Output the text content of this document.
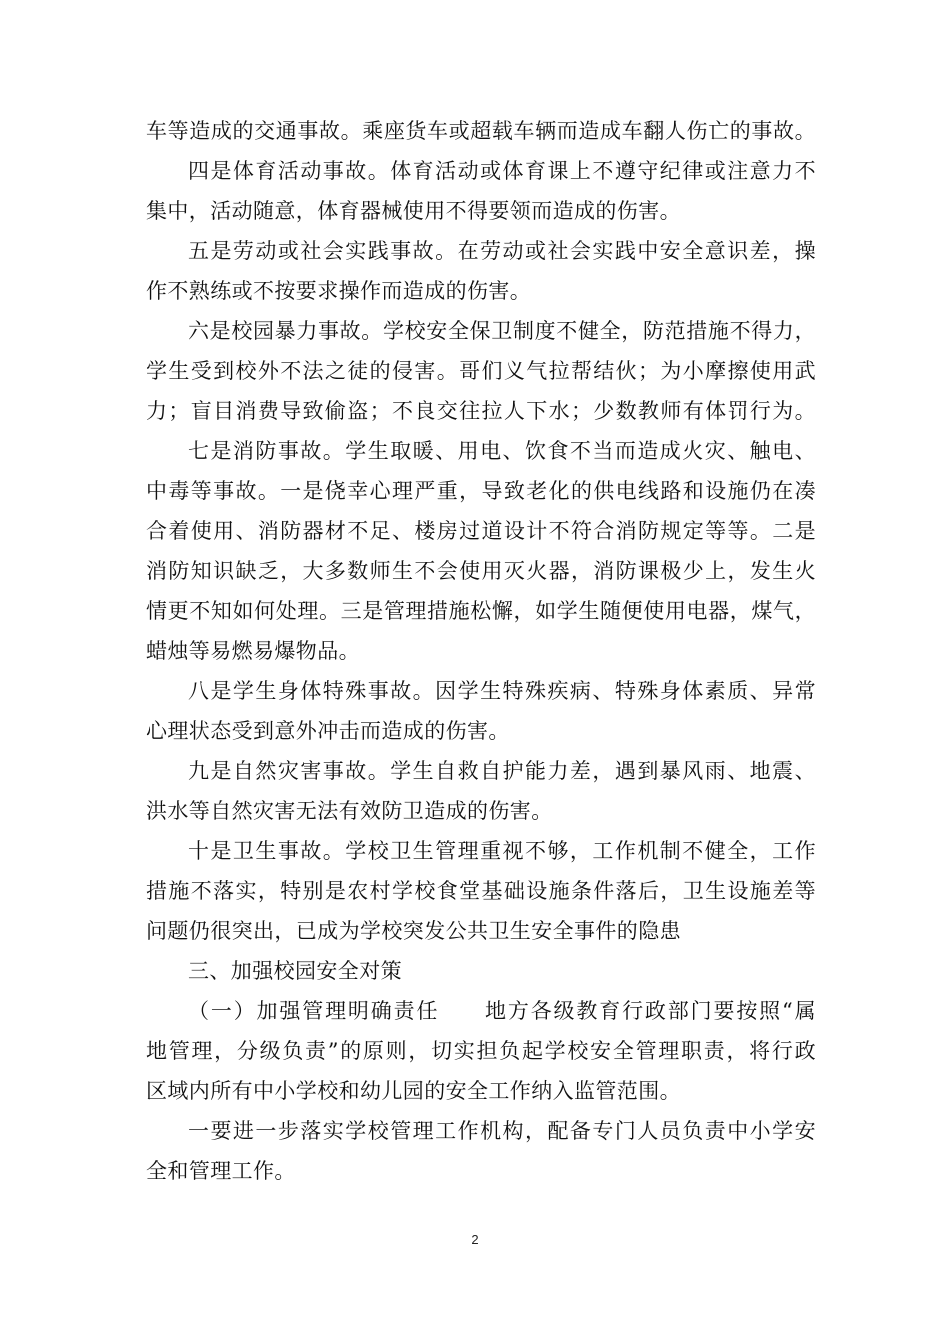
车等造成的交通事故。乘座货车或超载车辆而造成车翻人伤亡的事故。
四是体育活动事故。体育活动或体育课上不遵守纪律或注意力不
集中，活动随意，体育器械使用不得要领而造成的伤害。
五是劳动或社会实践事故。在劳动或社会实践中安全意识差，操
作不熟练或不按要求操作而造成的伤害。
六是校园暴力事故。学校安全保卫制度不健全，防范措施不得力，
学生受到校外不法之徒的侵害。哥们义气拉帮结伙；为小摩擦使用武
力；盲目消费导致偷盗；不良交往拉人下水；少数教师有体罚行为。
七是消防事故。学生取暖、用电、饮食不当而造成火灾、触电、
中毒等事故。一是侥幸心理严重，导致老化的供电线路和设施仍在凑
合着使用、消防器材不足、楼房过道设计不符合消防规定等等。二是
消防知识缺乏，大多数师生不会使用灭火器，消防课极少上，发生火
情更不知如何处理。三是管理措施松懈，如学生随便使用电器，煤气，
蜡烛等易燃易爆物品。
八是学生身体特殊事故。因学生特殊疾病、特殊身体素质、异常
心理状态受到意外冲击而造成的伤害。
九是自然灾害事故。学生自救自护能力差，遇到暴风雨、地震、
洪水等自然灾害无法有效防卫造成的伤害。
十是卫生事故。学校卫生管理重视不够，工作机制不健全，工作
措施不落实，特别是农村学校食堂基础设施条件落后，卫生设施差等
问题仍很突出，已成为学校突发公共卫生安全事件的隐患
三、加强校园安全对策
（一）加强管理明确责任　　地方各级教育行政部门要按照“属
地管理，分级负责”的原则，切实担负起学校安全管理职责，将行政
区域内所有中小学校和幼儿园的安全工作纳入监管范围。
一要进一步落实学校管理工作机构，配备专门人员负责中小学安
全和管理工作。
2
